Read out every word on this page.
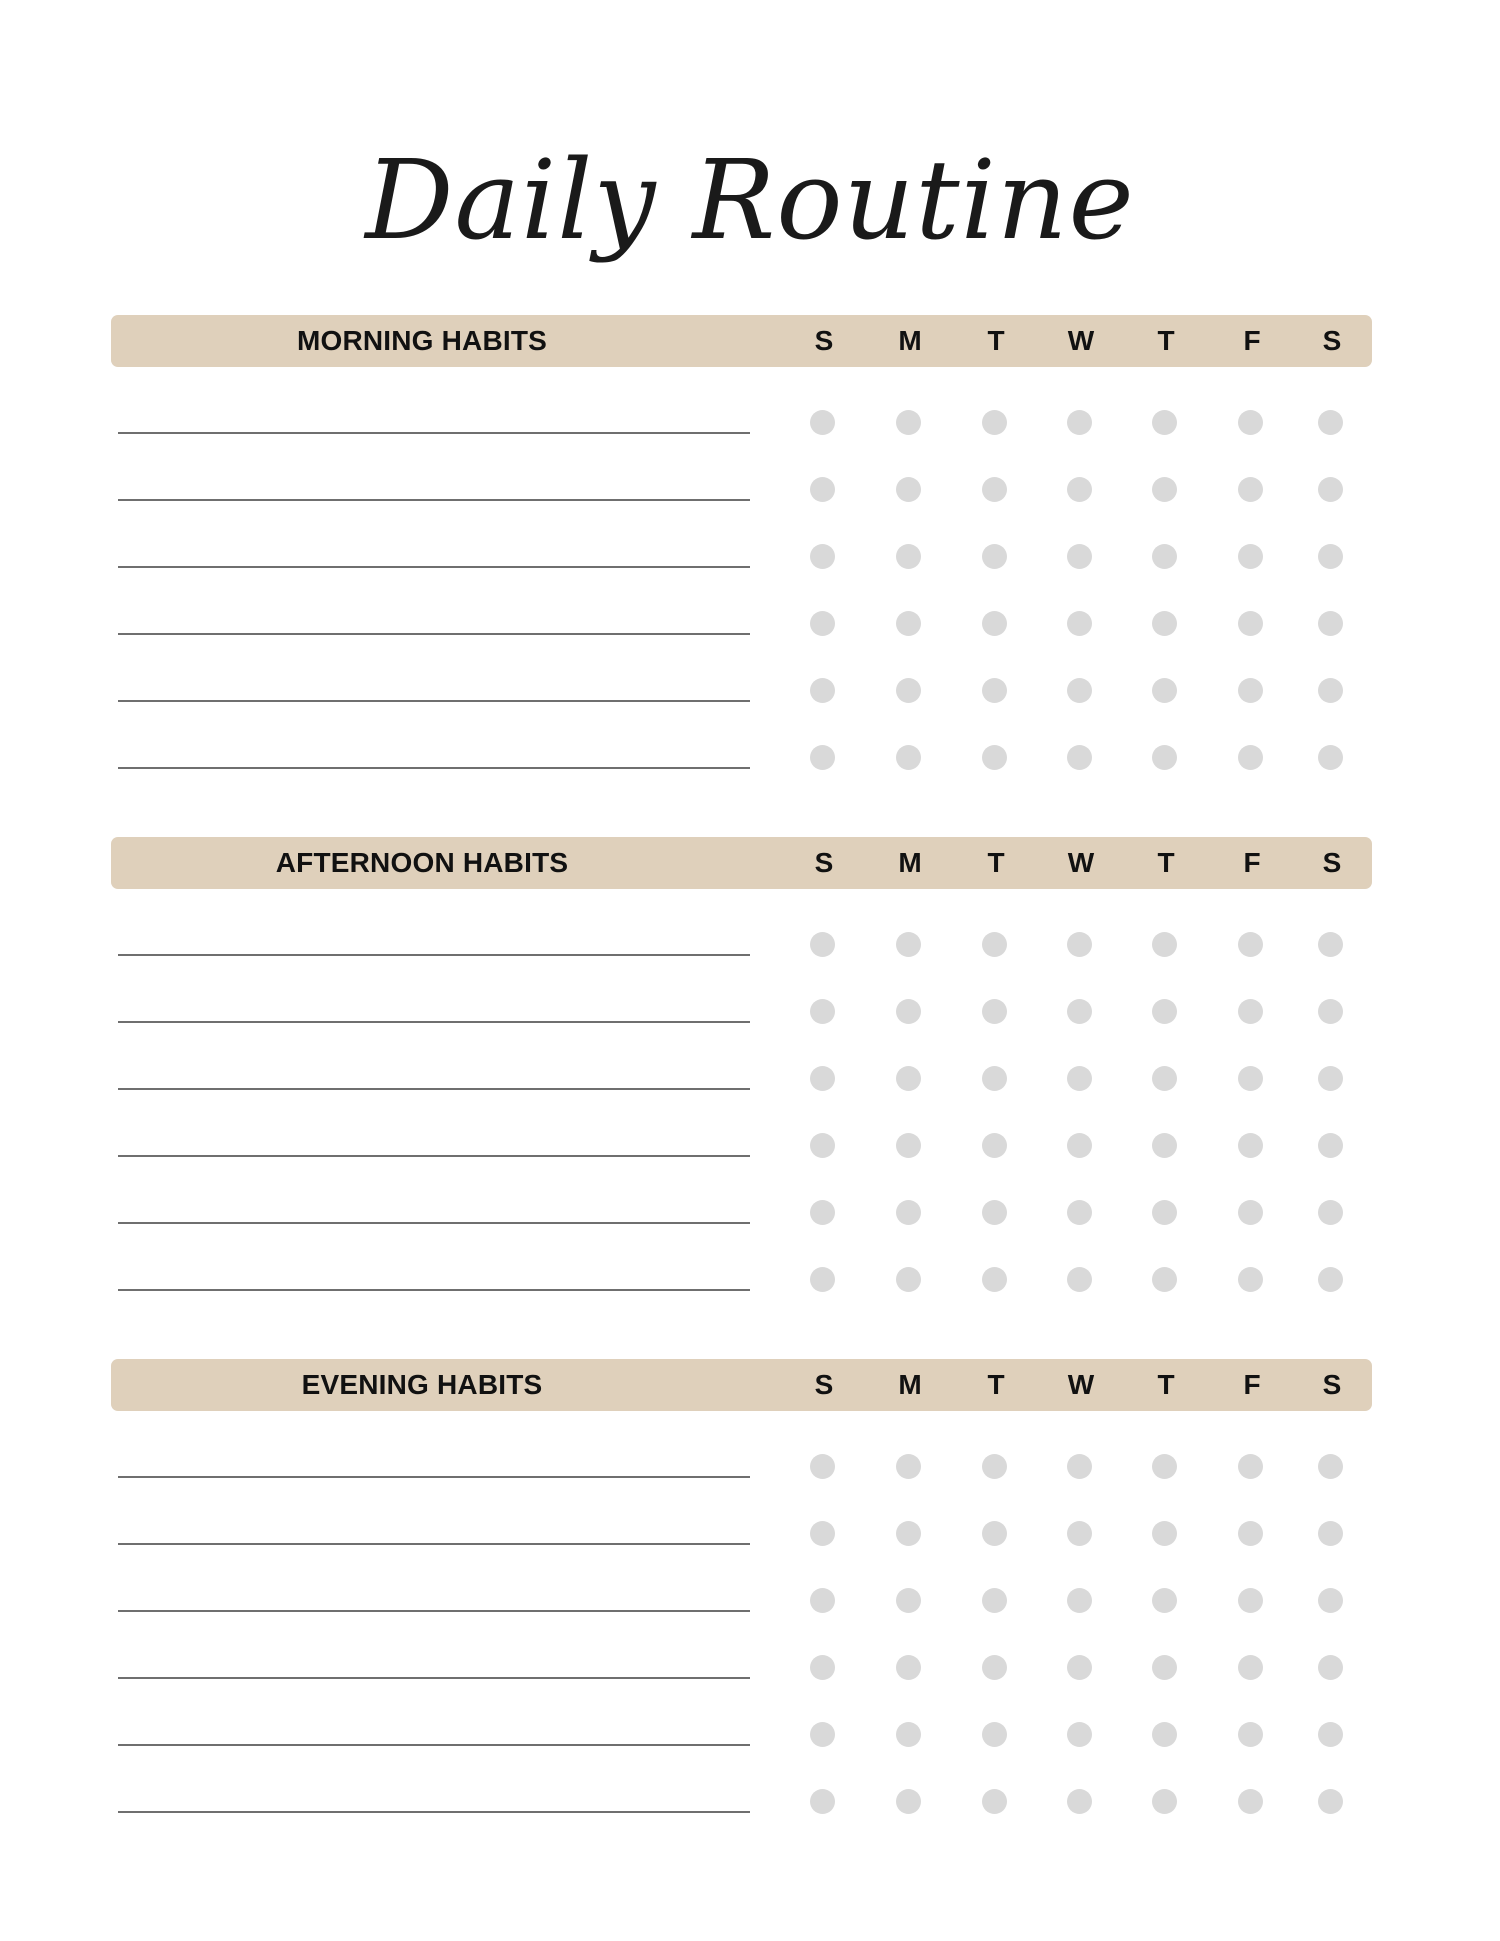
Daily Routine
MORNING HABITS	S	M	T	W	T	F	S
AFTERNOON HABITS	S	M	T	W	T	F	S
EVENING HABITS	S	M	T	W	T	F	S
